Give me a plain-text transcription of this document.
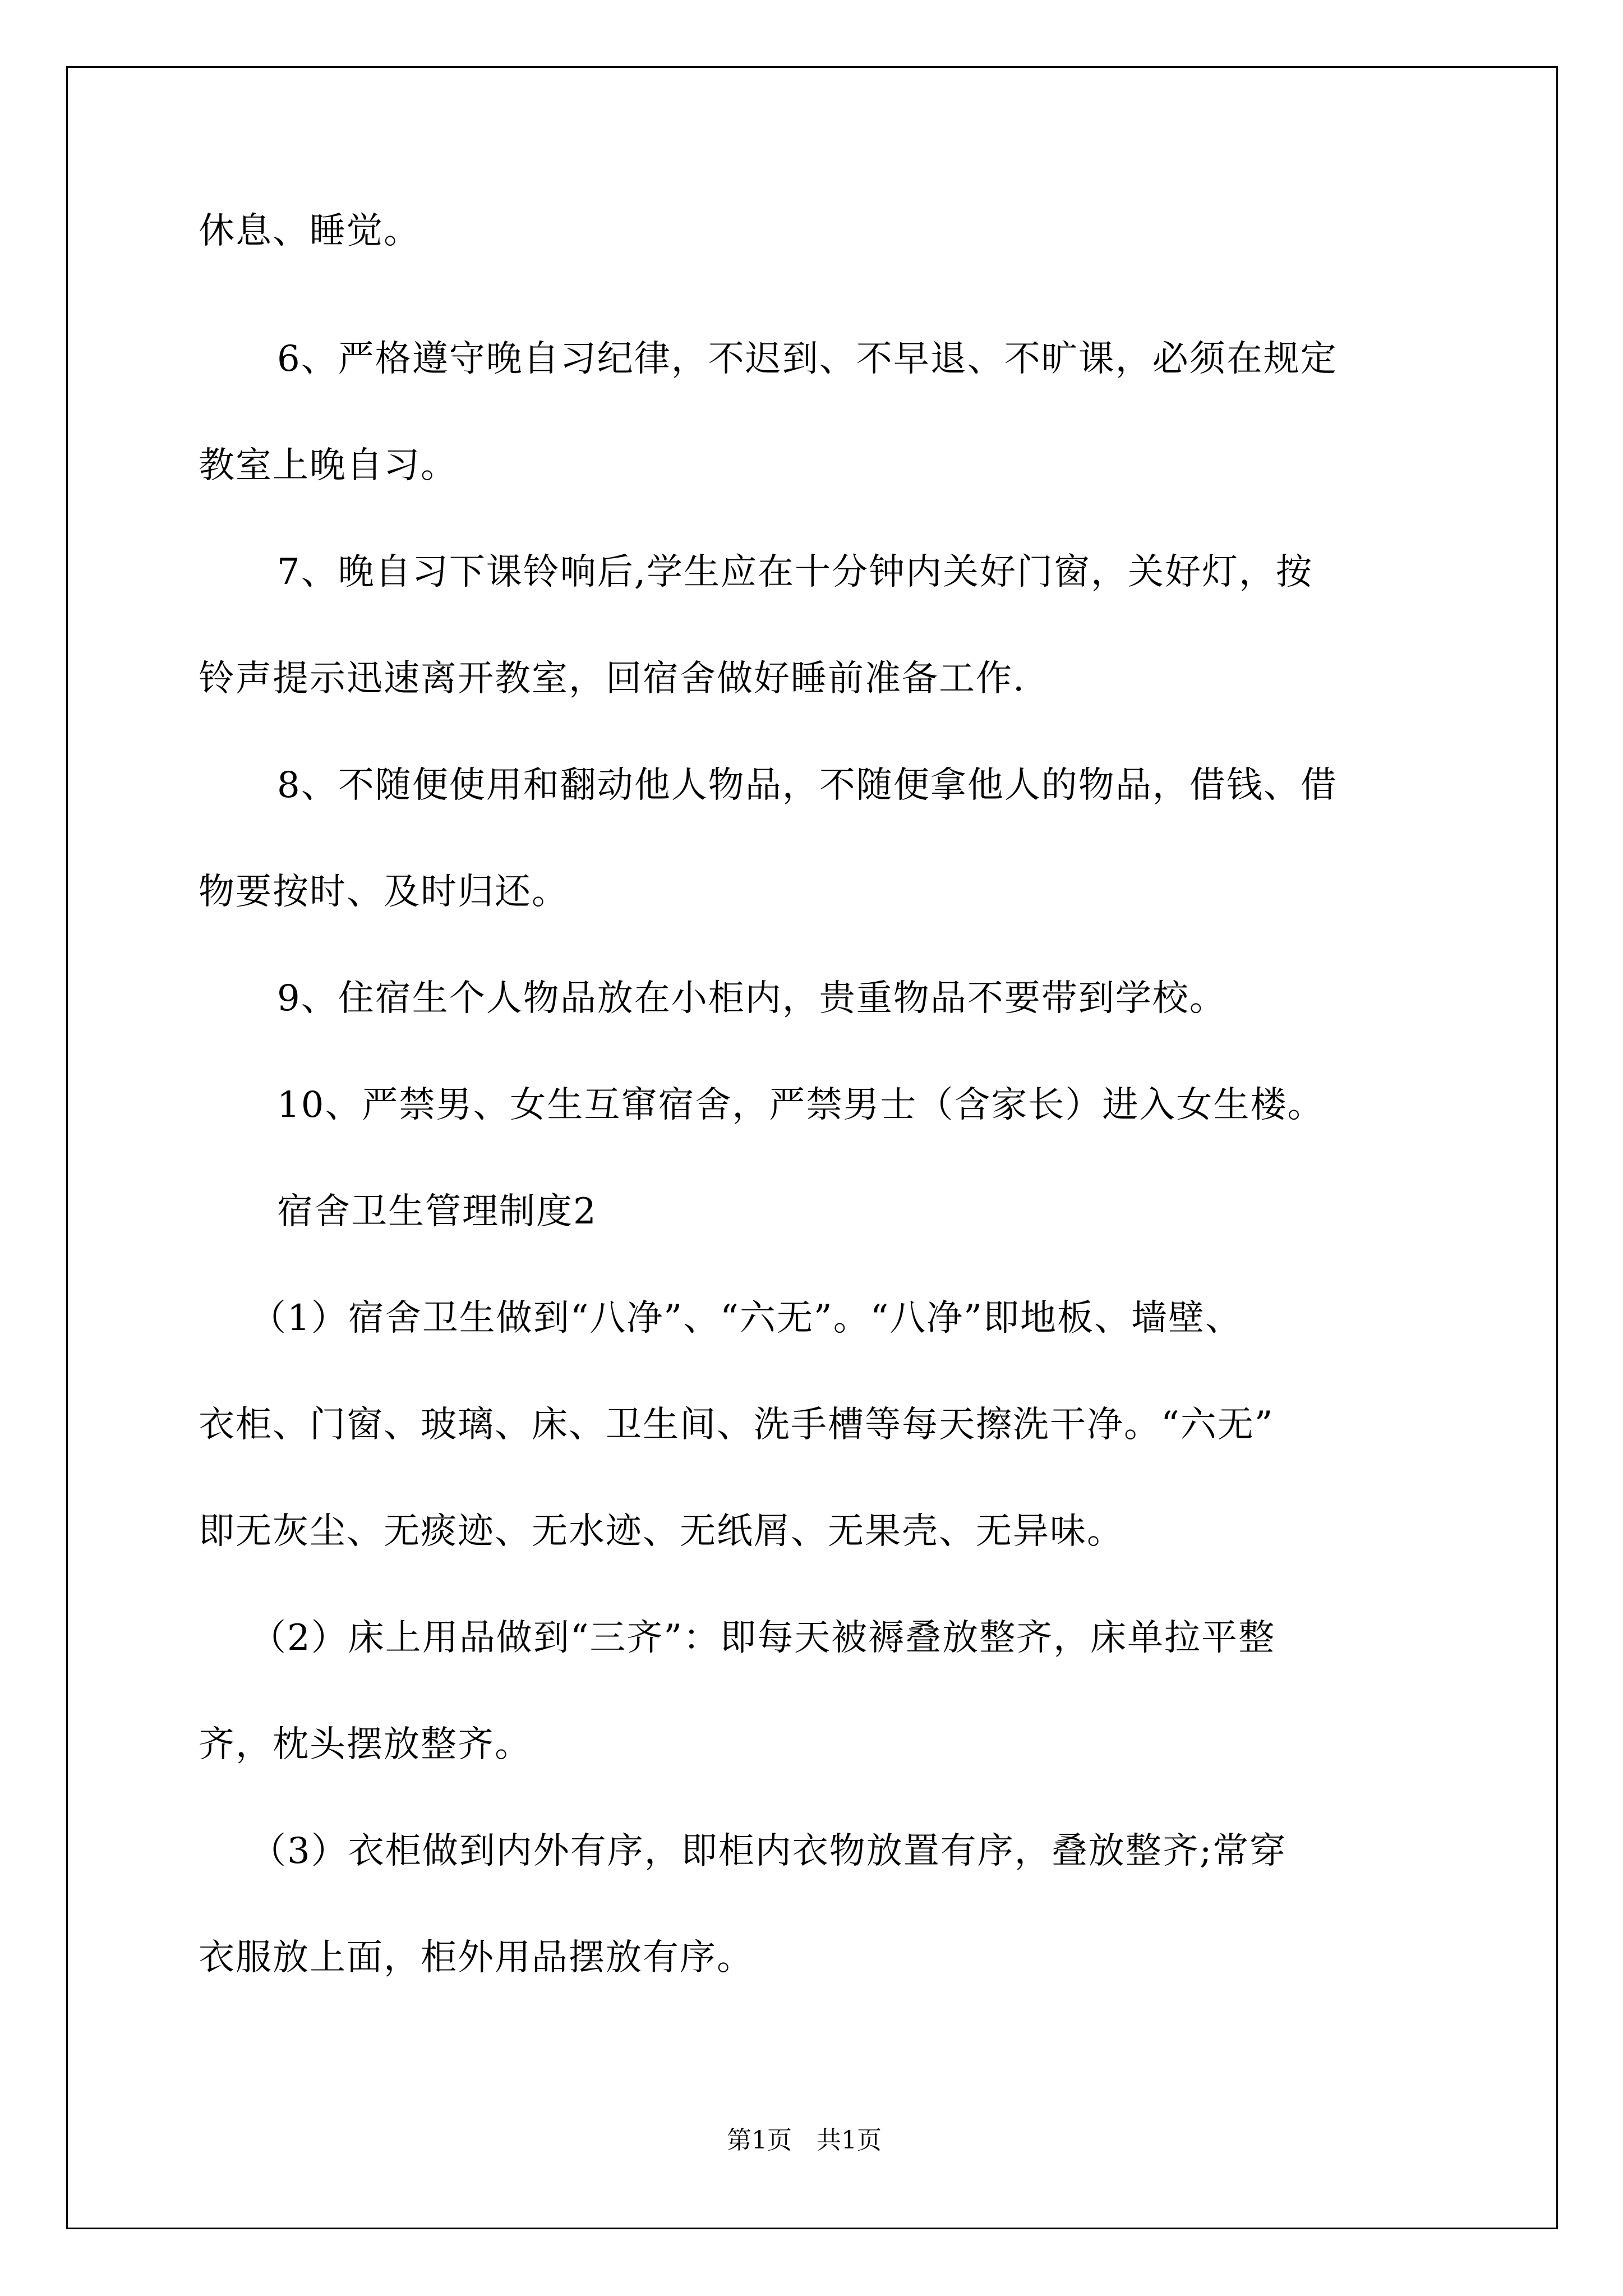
休息、睡觉。
6、严格遵守晚自习纪律，不迟到、不早退、不旷课，必须在规定
教室上晚自习。
7、晚自习下课铃响后,学生应在十分钟内关好门窗，关好灯，按
铃声提示迅速离开教室，回宿舍做好睡前准备工作.
8、不随便使用和翻动他人物品，不随便拿他人的物品，借钱、借
物要按时、及时归还。
9、住宿生个人物品放在小柜内，贵重物品不要带到学校。
10、严禁男、女生互窜宿舍，严禁男士（含家长）进入女生楼。
宿舍卫生管理制度2
（1）宿舍卫生做到“八净”、“六无”。“八净”即地板、墙壁、
衣柜、门窗、玻璃、床、卫生间、洗手槽等每天擦洗干净。“六无”
即无灰尘、无痰迹、无水迹、无纸屑、无果壳、无异味。
（2）床上用品做到“三齐”：即每天被褥叠放整齐，床单拉平整
齐，枕头摆放整齐。
（3）衣柜做到内外有序，即柜内衣物放置有序，叠放整齐;常穿
衣服放上面，柜外用品摆放有序。
第1页　共1页
